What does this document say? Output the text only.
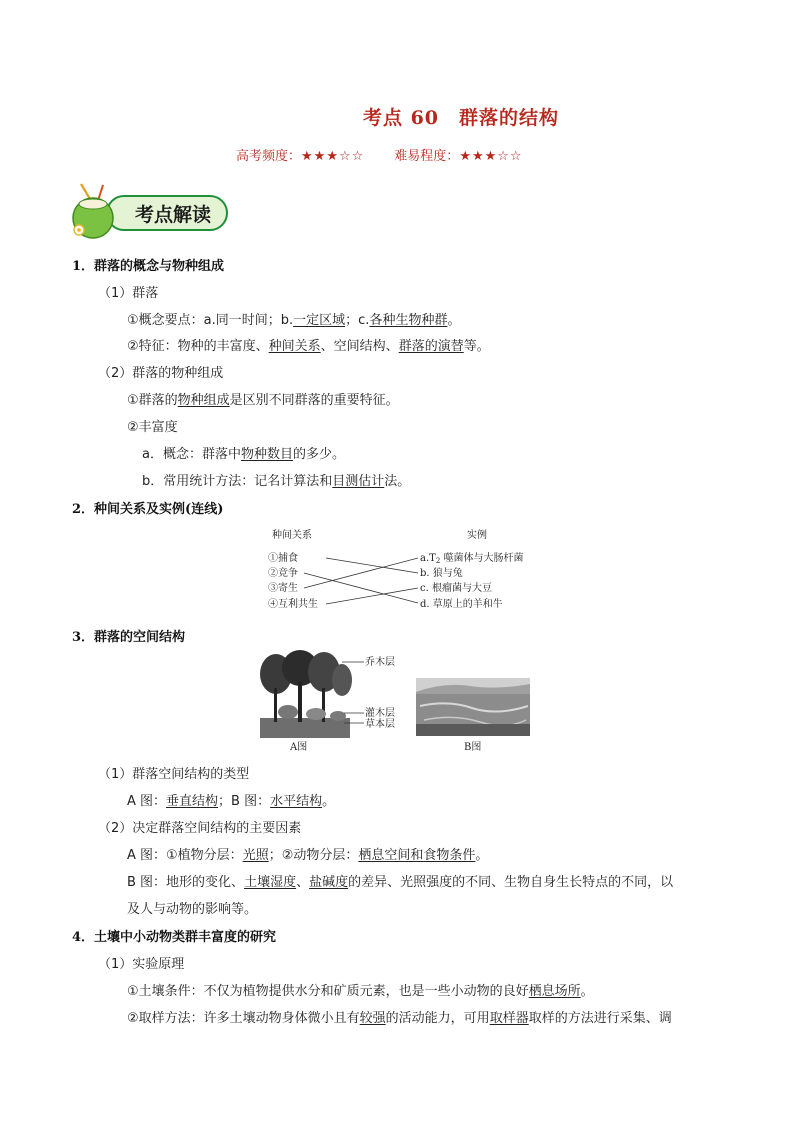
考点 60 群落的结构
高考频度：★★★☆☆ 难易程度：★★★☆☆
考点解读
1．群落的概念与物种组成
（1）群落
①概念要点：a.同一时间；b.一定区域；c.各种生物种群。
②特征：物种的丰富度、种间关系、空间结构、群落的演替等。
（2）群落的物种组成
①群落的物种组成是区别不同群落的重要特征。
②丰富度
a．概念：群落中物种数目的多少。
b．常用统计方法：记名计算法和目测估计法。
2．种间关系及实例(连线)
种间关系	实例
①捕食
②竞争
③寄生
④互利共生
$a.T_2$ 噬菌体与大肠杆菌
b. 狼与兔
c. 根瘤菌与大豆
d. 草原上的羊和牛
3．群落的空间结构
乔木层
灌木层
草本层
A图	B图
（1）群落空间结构的类型
A 图：垂直结构；B 图：水平结构。
（2）决定群落空间结构的主要因素
A 图：①植物分层：光照；②动物分层：栖息空间和食物条件。
B 图：地形的变化、土壤湿度、盐碱度的差异、光照强度的不同、生物自身生长特点的不同，以
及人与动物的影响等。
4．土壤中小动物类群丰富度的研究
（1）实验原理
①土壤条件：不仅为植物提供水分和矿质元素，也是一些小动物的良好栖息场所。
②取样方法：许多土壤动物身体微小且有较强的活动能力，可用取样器取样的方法进行采集、调
